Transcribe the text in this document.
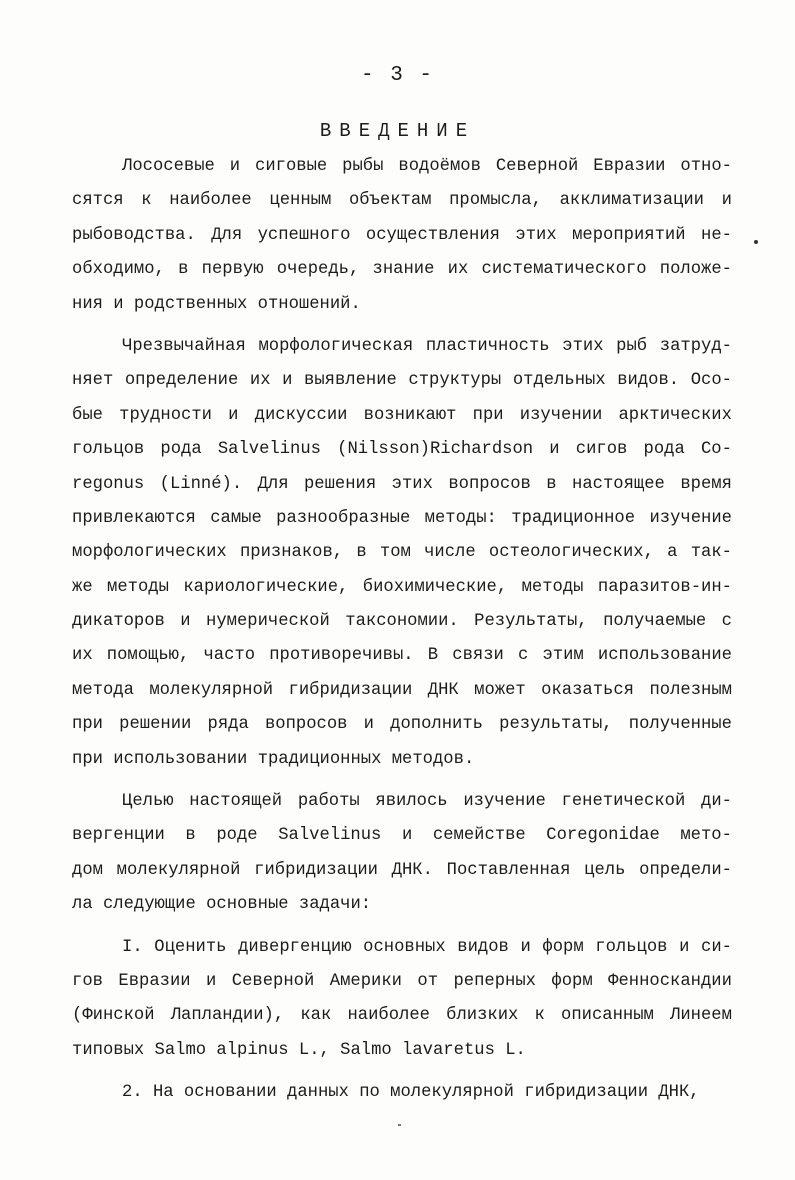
- 3 -
ВВЕДЕНИЕ
Лососевые и сиговые рыбы водоёмов Северной Евразии отно-
сятся к наиболее ценным объектам промысла, акклиматизации и
рыбоводства. Для успешного осуществления этих мероприятий не-
обходимо, в первую очередь, знание их систематического положе-
ния и родственных отношений.
Чрезвычайная морфологическая пластичность этих рыб затруд-
няет определение их и выявление структуры отдельных видов. Осо-
бые трудности и дискуссии возникают при изучении арктических
гольцов рода Salvelinus (Nilsson)Richardson и сигов рода Co-
regonus (Linné). Для решения этих вопросов в настоящее время
привлекаются самые разнообразные методы: традиционное изучение
морфологических признаков, в том числе остеологических, а так-
же методы кариологические, биохимические, методы паразитов-ин-
дикаторов и нумерической таксономии. Результаты, получаемые с
их помощью, часто противоречивы. В связи с этим использование
метода молекулярной гибридизации ДНК может оказаться полезным
при решении ряда вопросов и дополнить результаты, полученные
при использовании традиционных методов.
Целью настоящей работы явилось изучение генетической ди-
вергенции в роде Salvelinus и семействе Coregonidae мето-
дом молекулярной гибридизации ДНК. Поставленная цель определи-
ла следующие основные задачи:
I. Оценить дивергенцию основных видов и форм гольцов и си-
гов Евразии и Северной Америки от реперных форм Фенноскандии
(Финской Лапландии), как наиболее близких к описанным Линеем
типовых Salmo alpinus L., Salmo lavaretus L.
2. На основании данных по молекулярной гибридизации ДНК,
